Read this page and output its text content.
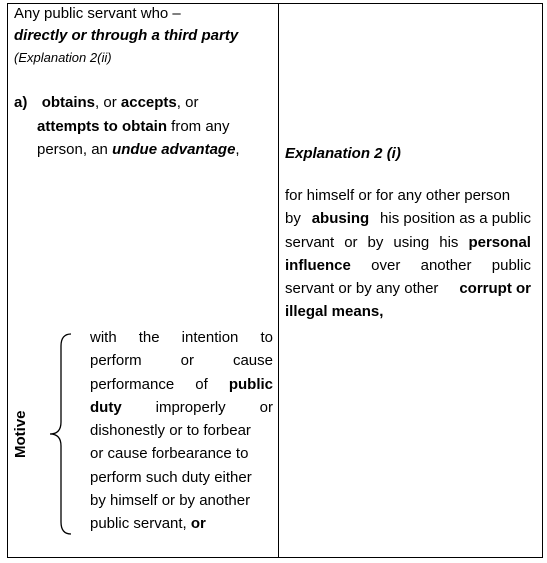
Any public servant who –
directly or through a third party
(Explanation 2(ii)
a) obtains, or accepts, or
attempts to obtain from any
person, an undue advantage,
Motive
with the intention to
perform	or	cause
performance of public
duty improperly or
dishonestly or to forbear
or cause forbearance to
perform such duty either
by himself or by another
public servant, or
Explanation 2 (i)
for himself or for any other person
by abusing his position as a public
servant or by using his personal
influence over another public
servant or by any other corrupt or
illegal means,
